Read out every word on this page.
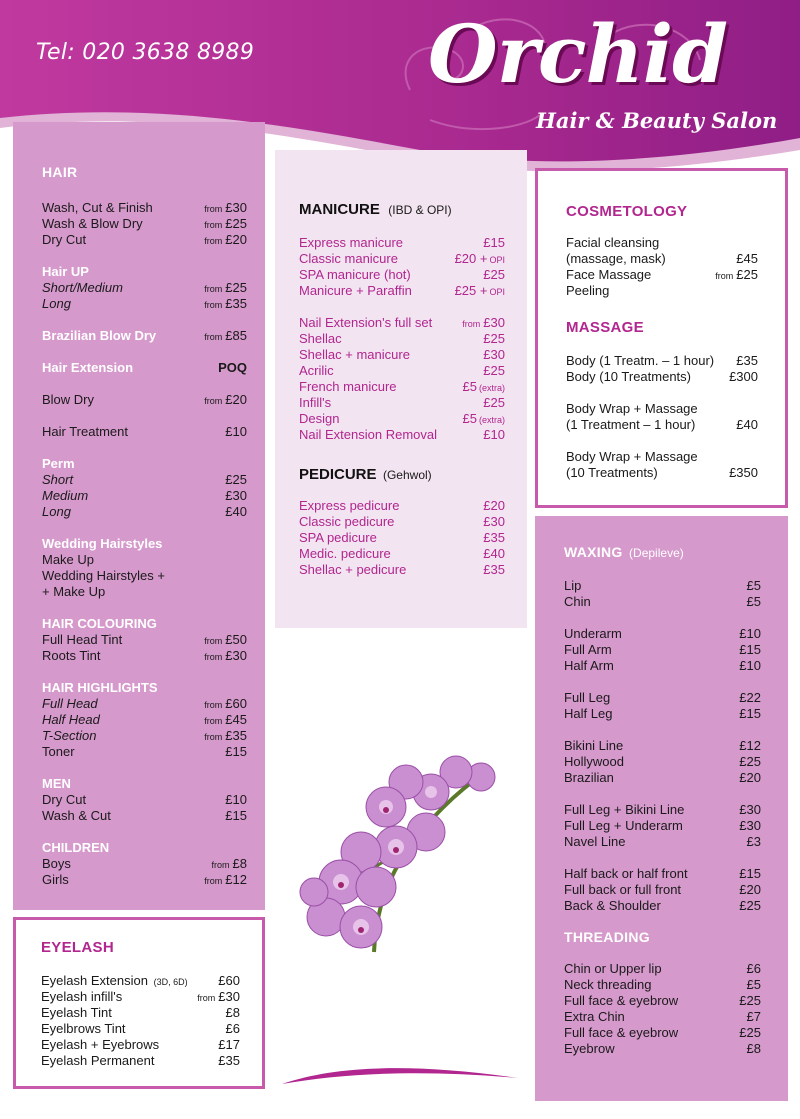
Tel: 020 3638 8989 Orchid
Hair & Beauty Salon
HAIR
Wash, Cut & Finish	from £30
Wash & Blow Dry	from £25
Dry Cut	from £20
Hair UP
Short/Medium	from £25
Long	from £35
Brazilian Blow Dry	from £85
Hair Extension	POQ
Blow Dry	from £20
Hair Treatment	£10
Perm
Short	£25
Medium	£30
Long	£40
Wedding Hairstyles
Make Up
Wedding Hairstyles +
+ Make Up
HAIR COLOURING
Full Head Tint	from £50
Roots Tint	from £30
HAIR HIGHLIGHTS
Full Head	from £60
Half Head	from £45
T-Section	from £35
Toner	£15
MEN
Dry Cut	£10
Wash & Cut	£15
CHILDREN
Boys	from £8
Girls	from £12
EYELASH
Eyelash Extension (3D, 6D)	£60
Eyelash infill's	from £30
Eyelash Tint	£8
Eyelbrows Tint	£6
Eyelash + Eyebrows	£17
Eyelash Permanent	£35
MANICURE (IBD & OPI)
Express manicure	£15
Classic manicure	£20 + OPI
SPA manicure (hot)	£25
Manicure + Paraffin	£25 + OPI
Nail Extension's full set	from £30
Shellac	£25
Shellac + manicure	£30
Acrilic	£25
French manicure	£5 (extra)
Infill's	£25
Design	£5 (extra)
Nail Extension Removal	£10
PEDICURE (Gehwol)
Express pedicure	£20
Classic pedicure	£30
SPA pedicure	£35
Medic. pedicure	£40
Shellac + pedicure	£35
COSMETOLOGY
Facial cleansing
(massage, mask)	£45
Face Massage	from £25
Peeling
MASSAGE
Body (1 Treatm. – 1 hour)	£35
Body (10 Treatments)	£300
Body Wrap + Massage
(1 Treatment – 1 hour)	£40
Body Wrap + Massage
(10 Treatments)	£350
WAXING (Depileve)
Lip	£5
Chin	£5
Underarm	£10
Full Arm	£15
Half Arm	£10
Full Leg	£22
Half Leg	£15
Bikini Line	£12
Hollywood	£25
Brazilian	£20
Full Leg + Bikini Line	£30
Full Leg + Underarm	£30
Navel Line	£3
Half back or half front	£15
Full back or full front	£20
Back & Shoulder	£25
THREADING
Chin or Upper lip	£6
Neck threading	£5
Full face & eyebrow	£25
Extra Chin	£7
Full face & eyebrow	£25
Eyebrow	£8
